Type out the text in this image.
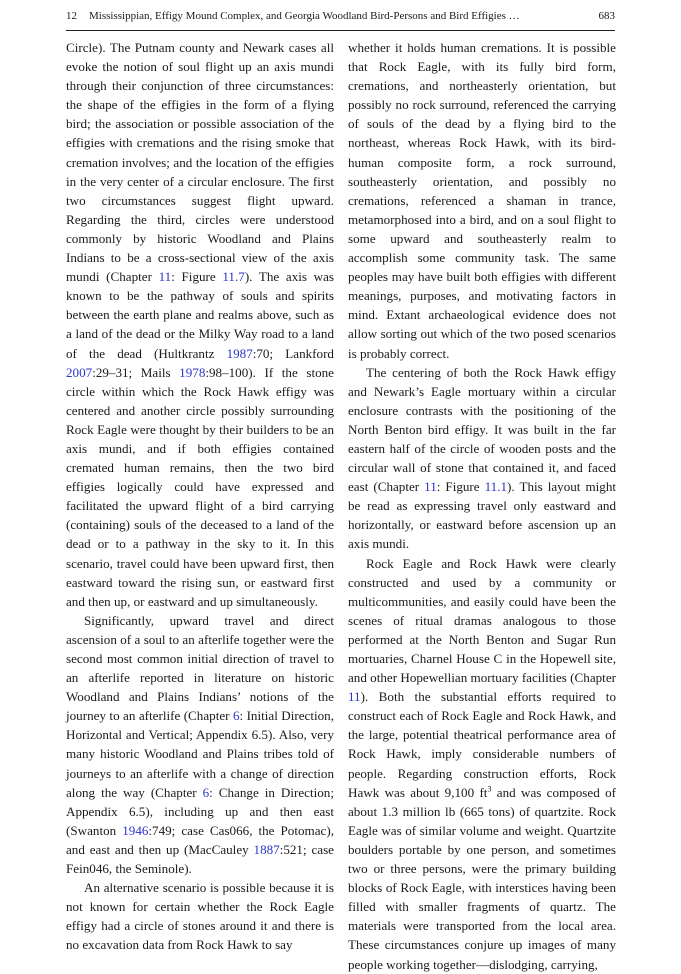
12 Mississippian, Effigy Mound Complex, and Georgia Woodland Bird-Persons and Bird Effigies …	683

Circle). The Putnam county and Newark cases all evoke the notion of soul flight up an axis mundi through their conjunction of three circumstances: the shape of the effigies in the form of a flying bird; the association or possible association of the effigies with cremations and the rising smoke that cremation involves; and the location of the effigies in the very center of a circular enclosure. The first two circumstances suggest flight upward. Regarding the third, circles were understood commonly by historic Woodland and Plains Indians to be a cross-sectional view of the axis mundi (Chapter 11: Figure 11.7). The axis was known to be the pathway of souls and spirits between the earth plane and realms above, such as a land of the dead or the Milky Way road to a land of the dead (Hultkrantz 1987:70; Lankford 2007:29–31; Mails 1978:98–100). If the stone circle within which the Rock Hawk effigy was centered and another circle possibly surrounding Rock Eagle were thought by their builders to be an axis mundi, and if both effigies contained cremated human remains, then the two bird effigies logically could have expressed and facilitated the upward flight of a bird carrying (containing) souls of the deceased to a land of the dead or to a pathway in the sky to it. In this scenario, travel could have been upward first, then eastward toward the rising sun, or eastward first and then up, or eastward and up simultaneously.

Significantly, upward travel and direct ascension of a soul to an afterlife together were the second most common initial direction of travel to an afterlife reported in literature on historic Woodland and Plains Indians’ notions of the journey to an afterlife (Chapter 6: Initial Direction, Horizontal and Vertical; Appendix 6.5). Also, very many historic Woodland and Plains tribes told of journeys to an afterlife with a change of direction along the way (Chapter 6: Change in Direction; Appendix 6.5), including up and then east (Swanton 1946:749; case Cas066, the Potomac), and east and then up (MacCauley 1887:521; case Fein046, the Seminole).

An alternative scenario is possible because it is not known for certain whether the Rock Eagle effigy had a circle of stones around it and there is no excavation data from Rock Hawk to say

whether it holds human cremations. It is possible that Rock Eagle, with its fully bird form, cremations, and northeasterly orientation, but possibly no rock surround, referenced the carrying of souls of the dead by a flying bird to the northeast, whereas Rock Hawk, with its bird-human composite form, a rock surround, southeasterly orientation, and possibly no cremations, referenced a shaman in trance, metamorphosed into a bird, and on a soul flight to some upward and southeasterly realm to accomplish some community task. The same peoples may have built both effigies with different meanings, purposes, and motivating factors in mind. Extant archaeological evidence does not allow sorting out which of the two posed scenarios is probably correct.

The centering of both the Rock Hawk effigy and Newark’s Eagle mortuary within a circular enclosure contrasts with the positioning of the North Benton bird effigy. It was built in the far eastern half of the circle of wooden posts and the circular wall of stone that contained it, and faced east (Chapter 11: Figure 11.1). This layout might be read as expressing travel only eastward and horizontally, or eastward before ascension up an axis mundi.

Rock Eagle and Rock Hawk were clearly constructed and used by a community or multicommunities, and easily could have been the scenes of ritual dramas analogous to those performed at the North Benton and Sugar Run mortuaries, Charnel House C in the Hopewell site, and other Hopewellian mortuary facilities (Chapter 11). Both the substantial efforts required to construct each of Rock Eagle and Rock Hawk, and the large, potential theatrical performance area of Rock Hawk, imply considerable numbers of people. Regarding construction efforts, Rock Hawk was about 9,100 $ft^3$ and was composed of about 1.3 million lb (665 tons) of quartzite. Rock Eagle was of similar volume and weight. Quartzite boulders portable by one person, and sometimes two or three persons, were the primary building blocks of Rock Eagle, with interstices having been filled with smaller fragments of quartz. The materials were transported from the local area. These circumstances conjure up images of many people working together—dislodging, carrying,
